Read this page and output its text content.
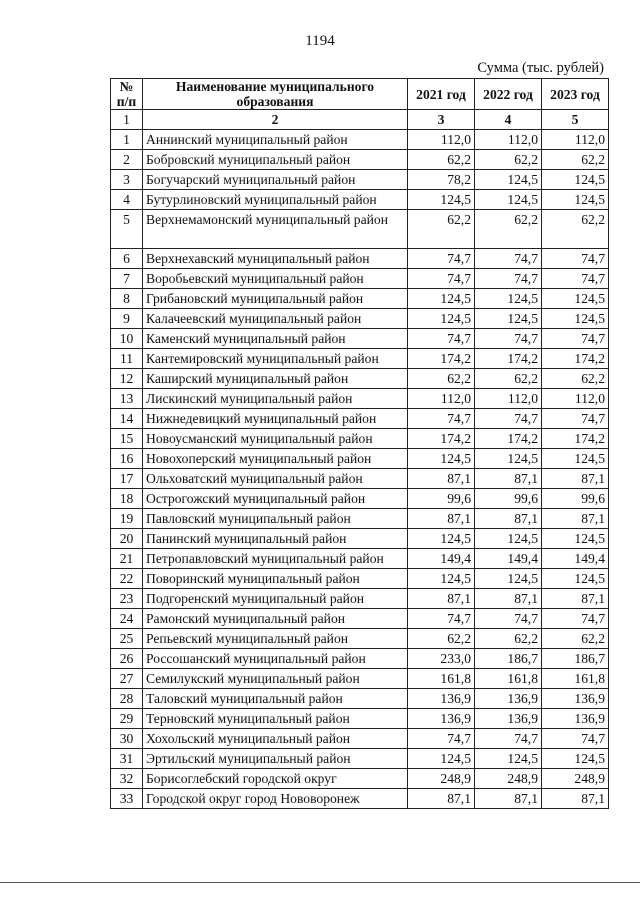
1194
Сумма (тыс. рублей)
№
п/п	Наименование муниципального образования	2021 год	2022 год	2023 год
1	2	3	4	5
1	Аннинский муниципальный район	112,0	112,0	112,0
2	Бобровский муниципальный район	62,2	62,2	62,2
3	Богучарский муниципальный район	78,2	124,5	124,5
4	Бутурлиновский муниципальный район	124,5	124,5	124,5
5	Верхнемамонский муниципальный район	62,2	62,2	62,2
6	Верхнехавский муниципальный район	74,7	74,7	74,7
7	Воробьевский муниципальный район	74,7	74,7	74,7
8	Грибановский муниципальный район	124,5	124,5	124,5
9	Калачеевский муниципальный район	124,5	124,5	124,5
10	Каменский муниципальный район	74,7	74,7	74,7
11	Кантемировский муниципальный район	174,2	174,2	174,2
12	Каширский муниципальный район	62,2	62,2	62,2
13	Лискинский муниципальный район	112,0	112,0	112,0
14	Нижнедевицкий муниципальный район	74,7	74,7	74,7
15	Новоусманский муниципальный район	174,2	174,2	174,2
16	Новохоперский муниципальный район	124,5	124,5	124,5
17	Ольховатский муниципальный район	87,1	87,1	87,1
18	Острогожский муниципальный район	99,6	99,6	99,6
19	Павловский муниципальный район	87,1	87,1	87,1
20	Панинский муниципальный район	124,5	124,5	124,5
21	Петропавловский муниципальный район	149,4	149,4	149,4
22	Поворинский муниципальный район	124,5	124,5	124,5
23	Подгоренский муниципальный район	87,1	87,1	87,1
24	Рамонский муниципальный район	74,7	74,7	74,7
25	Репьевский муниципальный район	62,2	62,2	62,2
26	Россошанский муниципальный район	233,0	186,7	186,7
27	Семилукский муниципальный район	161,8	161,8	161,8
28	Таловский муниципальный район	136,9	136,9	136,9
29	Терновский муниципальный район	136,9	136,9	136,9
30	Хохольский муниципальный район	74,7	74,7	74,7
31	Эртильский муниципальный район	124,5	124,5	124,5
32	Борисоглебский городской округ	248,9	248,9	248,9
33	Городской округ город Нововоронеж	87,1	87,1	87,1
